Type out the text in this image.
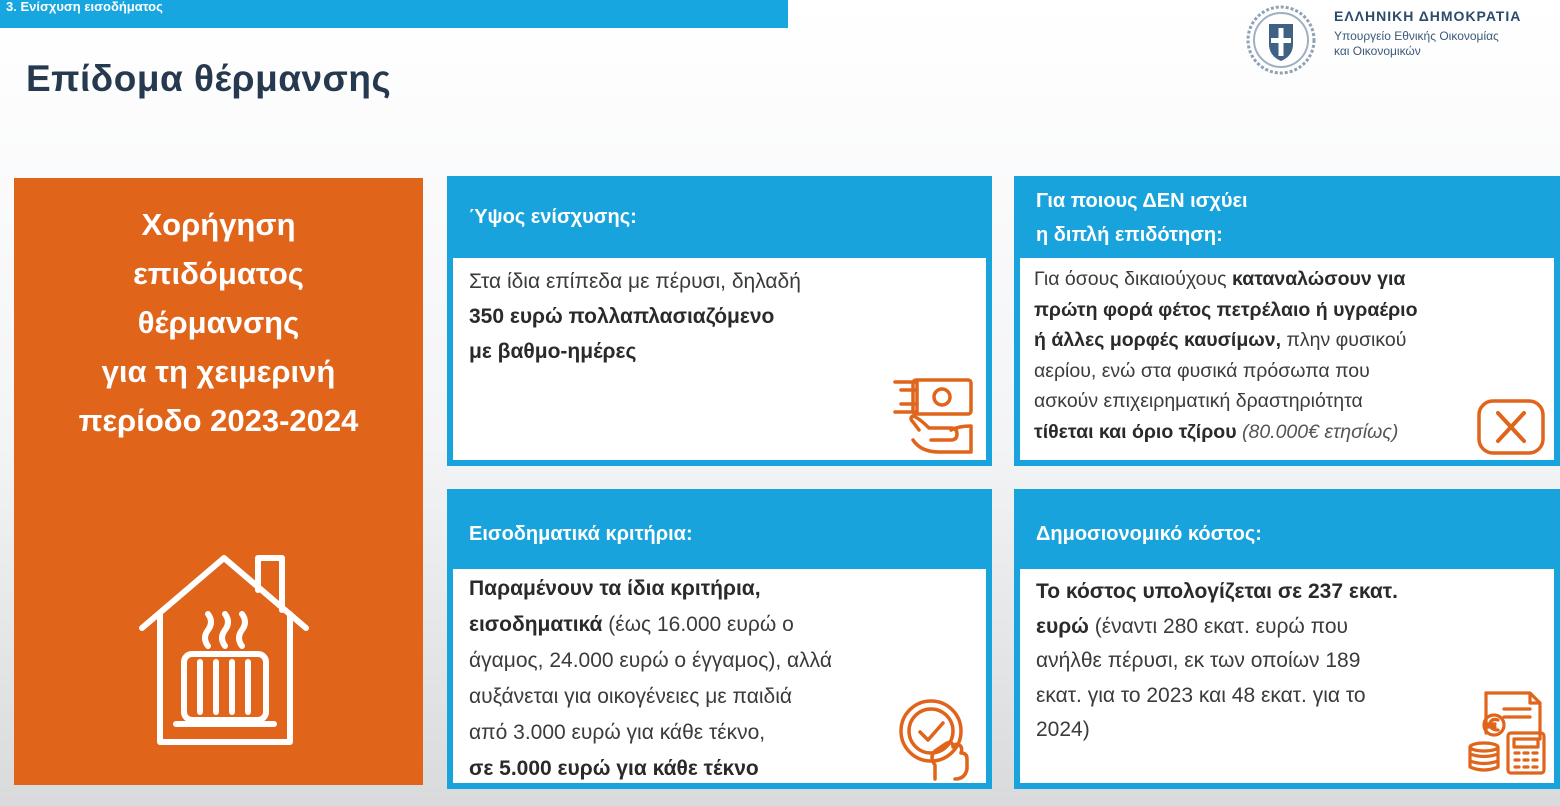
3. Ενίσχυση εισοδήματος
Επίδομα θέρμανσης
ΕΛΛΗΝΙΚΗ ΔΗΜΟΚΡΑΤΙΑ
Υπουργείο Εθνικής Οικονομίας
και Οικονομικών
Χορήγηση
επιδόματος
θέρμανσης
για τη χειμερινή
περίοδο 2023-2024
Ύψος ενίσχυσης:
Στα ίδια επίπεδα με πέρυσι, δηλαδή
350 ευρώ πολλαπλασιαζόμενο
με βαθμο-ημέρες
Για ποιους ΔΕΝ ισχύει
η διπλή επιδότηση:
Για όσους δικαιούχους καταναλώσουν για
πρώτη φορά φέτος πετρέλαιο ή υγραέριο
ή άλλες μορφές καυσίμων, πλην φυσικού
αερίου, ενώ στα φυσικά πρόσωπα που
ασκούν επιχειρηματική δραστηριότητα
τίθεται και όριο τζίρου (80.000€ ετησίως)
Εισοδηματικά κριτήρια:
Παραμένουν τα ίδια κριτήρια,
εισοδηματικά (έως 16.000 ευρώ ο
άγαμος, 24.000 ευρώ ο έγγαμος), αλλά
αυξάνεται για οικογένειες με παιδιά
από 3.000 ευρώ για κάθε τέκνο,
σε 5.000 ευρώ για κάθε τέκνο
Δημοσιονομικό κόστος:
Το κόστος υπολογίζεται σε 237 εκατ.
ευρώ (έναντι 280 εκατ. ευρώ που
ανήλθε πέρυσι, εκ των οποίων 189
εκατ. για το 2023 και 48 εκατ. για το
2024)
